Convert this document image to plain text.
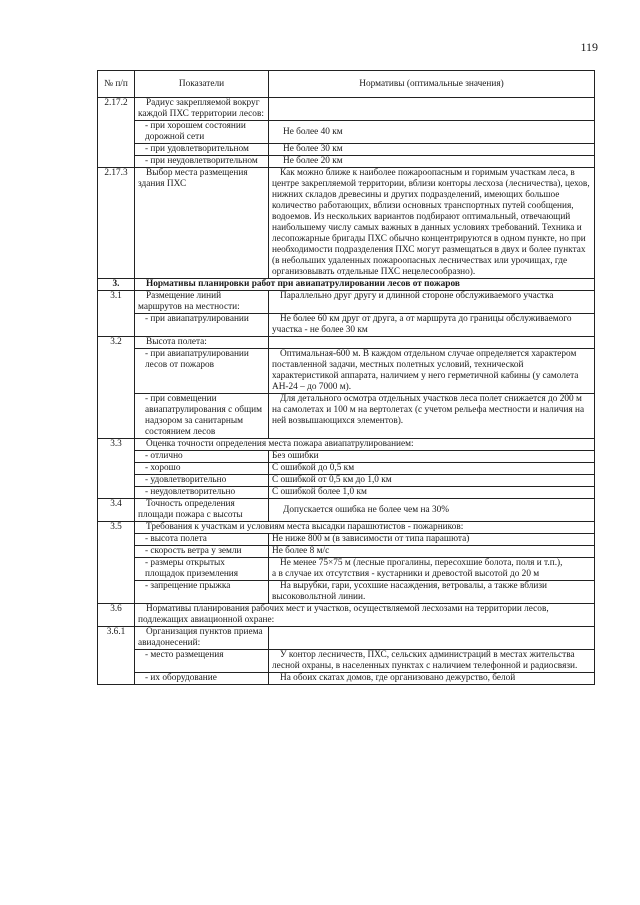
119
№ п/п	Показатели	Нормативы (оптимальные значения)
2.17.2	Радиус закрепляемой вокруг каждой ПХС территории лесов:	
	- при хорошем состоянии дорожной сети	Не более 40 км
	- при удовлетворительном	Не более 30 км
	- при неудовлетворительном	Не более 20 км
2.17.3	Выбор места размещения здания ПХС	Как можно ближе к наиболее пожароопасным и горимым участкам леса, в центре закрепляемой территории, вблизи конторы лесхоза (лесничества), цехов, нижних складов древесины и других подразделений, имеющих большое количество работающих, вблизи основных транспортных путей сообщения, водоемов. Из нескольких вариантов подбирают оптимальный, отвечающий наибольшему числу самых важных в данных условиях требований. Техника и лесопожарные бригады ПХС обычно концентрируются в одном пункте, но при необходимости подразделения ПХС могут размещаться в двух и более пунктах (в небольших удаленных пожароопасных лесничествах или урочищах, где организовывать отдельные ПХС нецелесообразно).
3.	Нормативы планировки работ при авиапатрулировании лесов от пожаров	
3.1	Размещение линий маршрутов на местности:	Параллельно друг другу и длинной стороне обслуживаемого участка
	- при авиапатрулировании	Не более 60 км друг от друга, а от маршрута до границы обслуживаемого участка - не более 30 км
3.2	Высота полета:	
	- при авиапатрулировании лесов от пожаров	Оптимальная-600 м. В каждом отдельном случае определяется характером поставленной задачи, местных полетных условий, технической характеристикой аппарата, наличием у него герметичной кабины (у самолета АН-24 – до 7000 м).
	- при совмещении авиапатрулирования с общим надзором за санитарным состоянием лесов	Для детального осмотра отдельных участков леса полет снижается до 200 м на самолетах и 100 м на вертолетах (с учетом рельефа местности и наличия на ней возвышающихся элементов).
3.3	Оценка точности определения места пожара авиапатрулированием:	
	- отлично	Без ошибки
	- хорошо	С ошибкой до 0,5 км
	- удовлетворительно	С ошибкой от 0,5 км до 1,0 км
	- неудовлетворительно	С ошибкой более 1,0 км
3.4	Точность определения площади пожара с высоты	Допускается ошибка не более чем на 30%
3.5	Требования к участкам и условиям места высадки парашютистов - пожарников:	
	- высота полета	Не ниже 800 м (в зависимости от типа парашюта)
	- скорость ветра у земли	Не более 8 м/с
	- размеры открытых площадок приземления	Не менее 75×75 м (лесные прогалины, пересохшие болота, поля и т.п.),
а в случае их отсутствия - кустарники и древостой высотой до 20 м

	- запрещение прыжка	На вырубки, гари, усохшие насаждения, ветровалы, а также вблизи высоковольтной линии.
3.6	Нормативы планирования рабочих мест и участков, осуществляемой лесхозами на территории лесов, подлежащих авиационной охране:	
3.6.1	Организация пунктов приема авиадонесений:	
	- место размещения	У контор лесничеств, ПХС, сельских администраций в местах жительства лесной охраны, в населенных пунктах с наличием телефонной и радиосвязи.
	- их оборудование	На обоих скатах домов, где организовано дежурство, белой
